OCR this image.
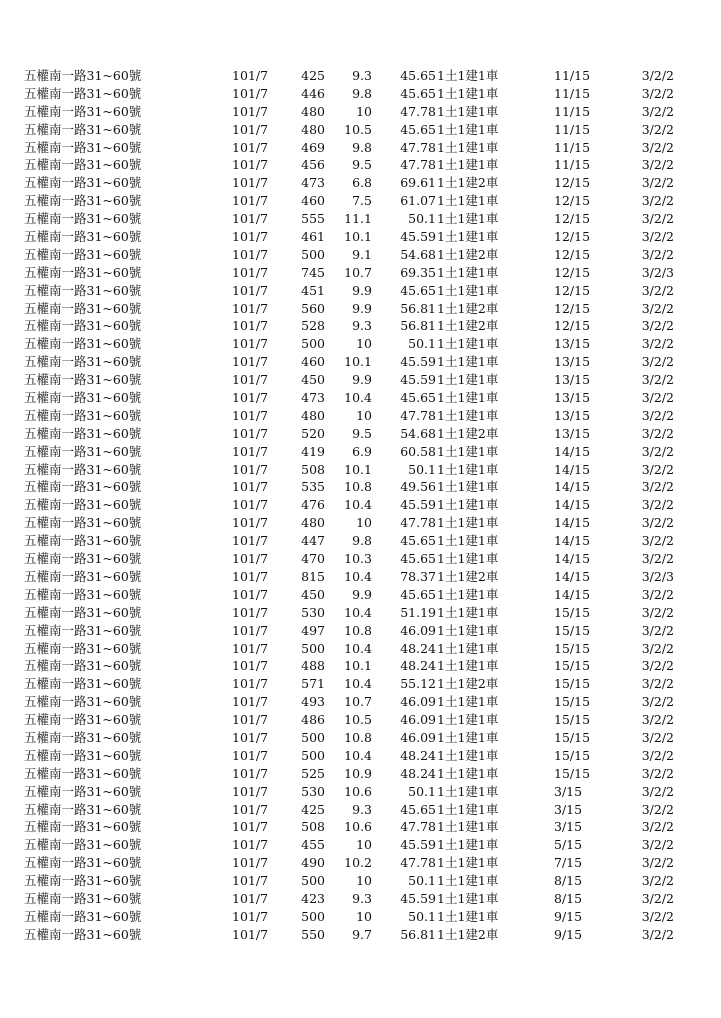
五權南一路31~60號	101/7	425	9.3	45.65 1土1建1車	11/15	3/2/2
五權南一路31~60號	101/7	446	9.8	45.65 1土1建1車	11/15	3/2/2
五權南一路31~60號	101/7	480	10	47.78 1土1建1車	11/15	3/2/2
五權南一路31~60號	101/7	480	10.5	45.65 1土1建1車	11/15	3/2/2
五權南一路31~60號	101/7	469	9.8	47.78 1土1建1車	11/15	3/2/2
五權南一路31~60號	101/7	456	9.5	47.78 1土1建1車	11/15	3/2/2
五權南一路31~60號	101/7	473	6.8	69.61 1土1建2車	12/15	3/2/2
五權南一路31~60號	101/7	460	7.5	61.07 1土1建1車	12/15	3/2/2
五權南一路31~60號	101/7	555	11.1	50.1 1土1建1車	12/15	3/2/2
五權南一路31~60號	101/7	461	10.1	45.59 1土1建1車	12/15	3/2/2
五權南一路31~60號	101/7	500	9.1	54.68 1土1建2車	12/15	3/2/2
五權南一路31~60號	101/7	745	10.7	69.35 1土1建1車	12/15	3/2/3
五權南一路31~60號	101/7	451	9.9	45.65 1土1建1車	12/15	3/2/2
五權南一路31~60號	101/7	560	9.9	56.81 1土1建2車	12/15	3/2/2
五權南一路31~60號	101/7	528	9.3	56.81 1土1建2車	12/15	3/2/2
五權南一路31~60號	101/7	500	10	50.1 1土1建1車	13/15	3/2/2
五權南一路31~60號	101/7	460	10.1	45.59 1土1建1車	13/15	3/2/2
五權南一路31~60號	101/7	450	9.9	45.59 1土1建1車	13/15	3/2/2
五權南一路31~60號	101/7	473	10.4	45.65 1土1建1車	13/15	3/2/2
五權南一路31~60號	101/7	480	10	47.78 1土1建1車	13/15	3/2/2
五權南一路31~60號	101/7	520	9.5	54.68 1土1建2車	13/15	3/2/2
五權南一路31~60號	101/7	419	6.9	60.58 1土1建1車	14/15	3/2/2
五權南一路31~60號	101/7	508	10.1	50.1 1土1建1車	14/15	3/2/2
五權南一路31~60號	101/7	535	10.8	49.56 1土1建1車	14/15	3/2/2
五權南一路31~60號	101/7	476	10.4	45.59 1土1建1車	14/15	3/2/2
五權南一路31~60號	101/7	480	10	47.78 1土1建1車	14/15	3/2/2
五權南一路31~60號	101/7	447	9.8	45.65 1土1建1車	14/15	3/2/2
五權南一路31~60號	101/7	470	10.3	45.65 1土1建1車	14/15	3/2/2
五權南一路31~60號	101/7	815	10.4	78.37 1土1建2車	14/15	3/2/3
五權南一路31~60號	101/7	450	9.9	45.65 1土1建1車	14/15	3/2/2
五權南一路31~60號	101/7	530	10.4	51.19 1土1建1車	15/15	3/2/2
五權南一路31~60號	101/7	497	10.8	46.09 1土1建1車	15/15	3/2/2
五權南一路31~60號	101/7	500	10.4	48.24 1土1建1車	15/15	3/2/2
五權南一路31~60號	101/7	488	10.1	48.24 1土1建1車	15/15	3/2/2
五權南一路31~60號	101/7	571	10.4	55.12 1土1建2車	15/15	3/2/2
五權南一路31~60號	101/7	493	10.7	46.09 1土1建1車	15/15	3/2/2
五權南一路31~60號	101/7	486	10.5	46.09 1土1建1車	15/15	3/2/2
五權南一路31~60號	101/7	500	10.8	46.09 1土1建1車	15/15	3/2/2
五權南一路31~60號	101/7	500	10.4	48.24 1土1建1車	15/15	3/2/2
五權南一路31~60號	101/7	525	10.9	48.24 1土1建1車	15/15	3/2/2
五權南一路31~60號	101/7	530	10.6	50.1 1土1建1車	3/15	3/2/2
五權南一路31~60號	101/7	425	9.3	45.65 1土1建1車	3/15	3/2/2
五權南一路31~60號	101/7	508	10.6	47.78 1土1建1車	3/15	3/2/2
五權南一路31~60號	101/7	455	10	45.59 1土1建1車	5/15	3/2/2
五權南一路31~60號	101/7	490	10.2	47.78 1土1建1車	7/15	3/2/2
五權南一路31~60號	101/7	500	10	50.1 1土1建1車	8/15	3/2/2
五權南一路31~60號	101/7	423	9.3	45.59 1土1建1車	8/15	3/2/2
五權南一路31~60號	101/7	500	10	50.1 1土1建1車	9/15	3/2/2
五權南一路31~60號	101/7	550	9.7	56.81 1土1建2車	9/15	3/2/2
